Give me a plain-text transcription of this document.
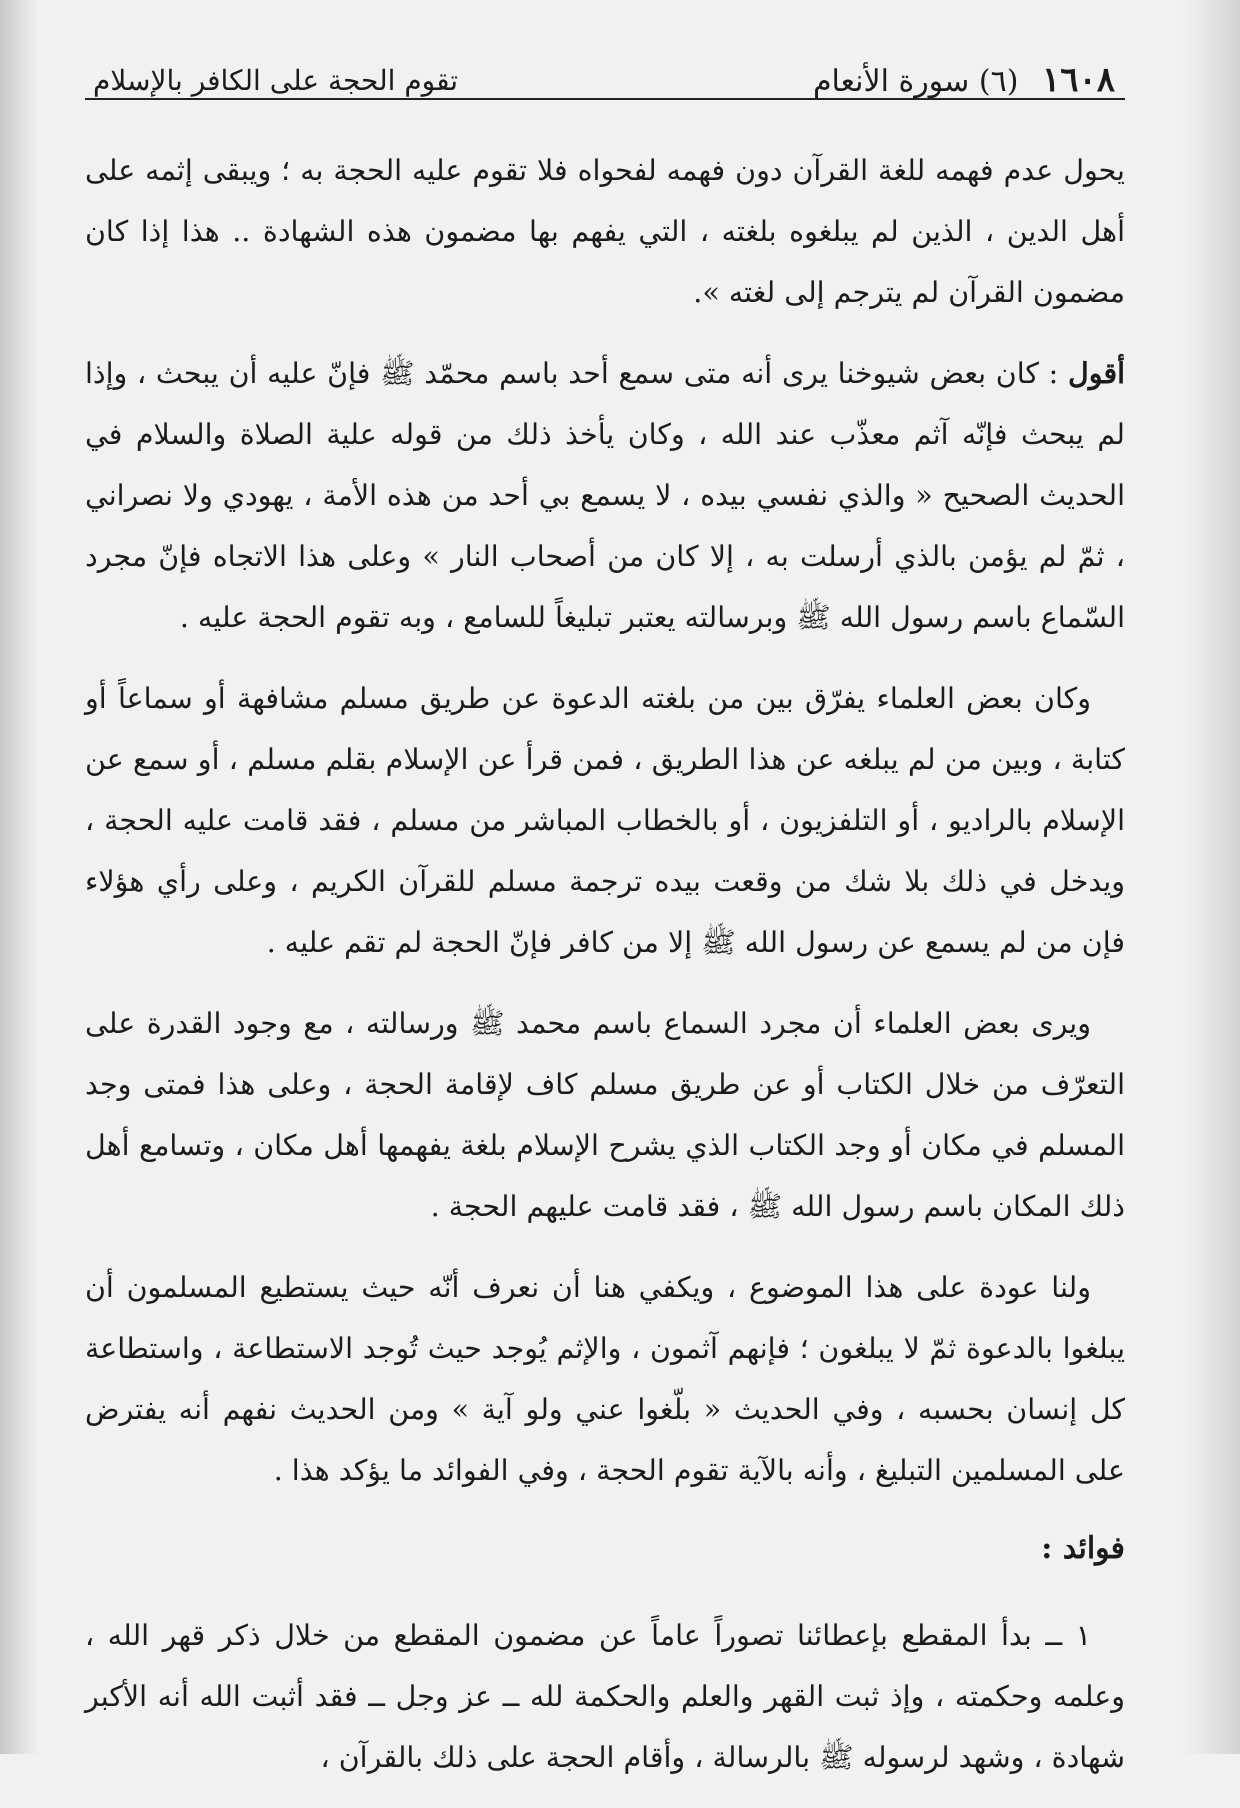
١٦٠٨ (٦) سورة الأنعام
تقوم الحجة على الكافر بالإسلام

يحول عدم فهمه للغة القرآن دون فهمه لفحواه فلا تقوم عليه الحجة به ؛ ويبقى إثمه على أهل الدين ، الذين لم يبلغوه بلغته ، التي يفهم بها مضمون هذه الشهادة .. هذا إذا كان مضمون القرآن لم يترجم إلى لغته ».

أقول : كان بعض شيوخنا يرى أنه متى سمع أحد باسم محمّد ﷺ فإنّ عليه أن يبحث ، وإذا لم يبحث فإنّه آثم معذّب عند الله ، وكان يأخذ ذلك من قوله علية الصلاة والسلام في الحديث الصحيح « والذي نفسي بيده ، لا يسمع بي أحد من هذه الأمة ، يهودي ولا نصراني ، ثمّ لم يؤمن بالذي أرسلت به ، إلا كان من أصحاب النار » وعلى هذا الاتجاه فإنّ مجرد السّماع باسم رسول الله ﷺ وبرسالته يعتبر تبليغاً للسامع ، وبه تقوم الحجة عليه .

وكان بعض العلماء يفرّق بين من بلغته الدعوة عن طريق مسلم مشافهة أو سماعاً أو كتابة ، وبين من لم يبلغه عن هذا الطريق ، فمن قرأ عن الإسلام بقلم مسلم ، أو سمع عن الإسلام بالراديو ، أو التلفزيون ، أو بالخطاب المباشر من مسلم ، فقد قامت عليه الحجة ، ويدخل في ذلك بلا شك من وقعت بيده ترجمة مسلم للقرآن الكريم ، وعلى رأي هؤلاء فإن من لم يسمع عن رسول الله ﷺ إلا من كافر فإنّ الحجة لم تقم عليه .

ويرى بعض العلماء أن مجرد السماع باسم محمد ﷺ ورسالته ، مع وجود القدرة على التعرّف من خلال الكتاب أو عن طريق مسلم كاف لإقامة الحجة ، وعلى هذا فمتى وجد المسلم في مكان أو وجد الكتاب الذي يشرح الإسلام بلغة يفهمها أهل مكان ، وتسامع أهل ذلك المكان باسم رسول الله ﷺ ، فقد قامت عليهم الحجة .

ولنا عودة على هذا الموضوع ، ويكفي هنا أن نعرف أنّه حيث يستطيع المسلمون أن يبلغوا بالدعوة ثمّ لا يبلغون ؛ فإنهم آثمون ، والإثم يُوجد حيث تُوجد الاستطاعة ، واستطاعة كل إنسان بحسبه ، وفي الحديث « بلّغوا عني ولو آية » ومن الحديث نفهم أنه يفترض على المسلمين التبليغ ، وأنه بالآية تقوم الحجة ، وفي الفوائد ما يؤكد هذا .

فوائد :

١ ــ بدأ المقطع بإعطائنا تصوراً عاماً عن مضمون المقطع من خلال ذكر قهر الله ، وعلمه وحكمته ، وإذ ثبت القهر والعلم والحكمة لله ــ عز وجل ــ فقد أثبت الله أنه الأكبر شهادة ، وشهد لرسوله ﷺ بالرسالة ، وأقام الحجة على ذلك بالقرآن ،
